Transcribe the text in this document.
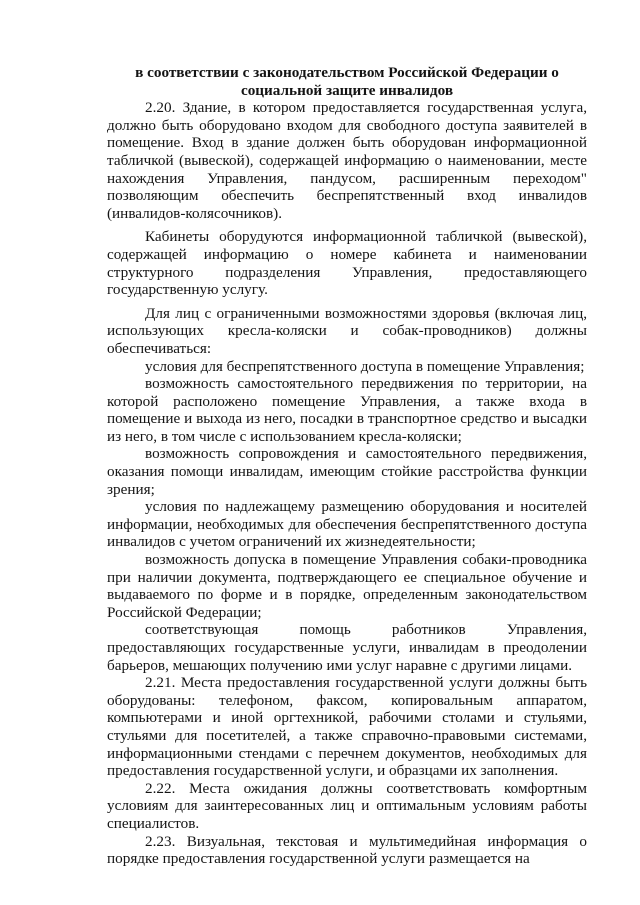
в соответствии с законодательством Российской Федерации о
социальной защите инвалидов

2.20. Здание, в котором предоставляется государственная услуга, должно быть оборудовано входом для свободного доступа заявителей в помещение. Вход в здание должен быть оборудован информационной табличкой (вывеской), содержащей информацию о наименовании, месте нахождения Управления, пандусом, расширенным переходом" позволяющим обеспечить беспрепятственный вход инвалидов (инвалидов-колясочников).

Кабинеты оборудуются информационной табличкой (вывеской), содержащей информацию о номере кабинета и наименовании структурного подразделения Управления, предоставляющего государственную услугу.

Для лиц с ограниченными возможностями здоровья (включая лиц, использующих кресла-коляски и собак-проводников) должны обеспечиваться:

условия для беспрепятственного доступа в помещение Управления;

возможность самостоятельного передвижения по территории, на которой расположено помещение Управления, а также входа в помещение и выхода из него, посадки в транспортное средство и высадки из него, в том числе с использованием кресла-коляски;

возможность сопровождения и самостоятельного передвижения, оказания помощи инвалидам, имеющим стойкие расстройства функции зрения;

условия по надлежащему размещению оборудования и носителей информации, необходимых для обеспечения беспрепятственного доступа инвалидов с учетом ограничений их жизнедеятельности;

возможность допуска в помещение Управления собаки-проводника при наличии документа, подтверждающего ее специальное обучение и выдаваемого по форме и в порядке, определенным законодательством Российской Федерации;

соответствующая помощь работников Управления, предоставляющих государственные услуги, инвалидам в преодолении барьеров, мешающих получению ими услуг наравне с другими лицами.

2.21. Места предоставления государственной услуги должны быть оборудованы: телефоном, факсом, копировальным аппаратом, компьютерами и иной оргтехникой, рабочими столами и стульями, стульями для посетителей, а также справочно-правовыми системами, информационными стендами с перечнем документов, необходимых для предоставления государственной услуги, и образцами их заполнения.

2.22. Места ожидания должны соответствовать комфортным условиям для заинтересованных лиц и оптимальным условиям работы специалистов.

2.23. Визуальная, текстовая и мультимедийная информация о порядке предоставления государственной услуги размещается на
